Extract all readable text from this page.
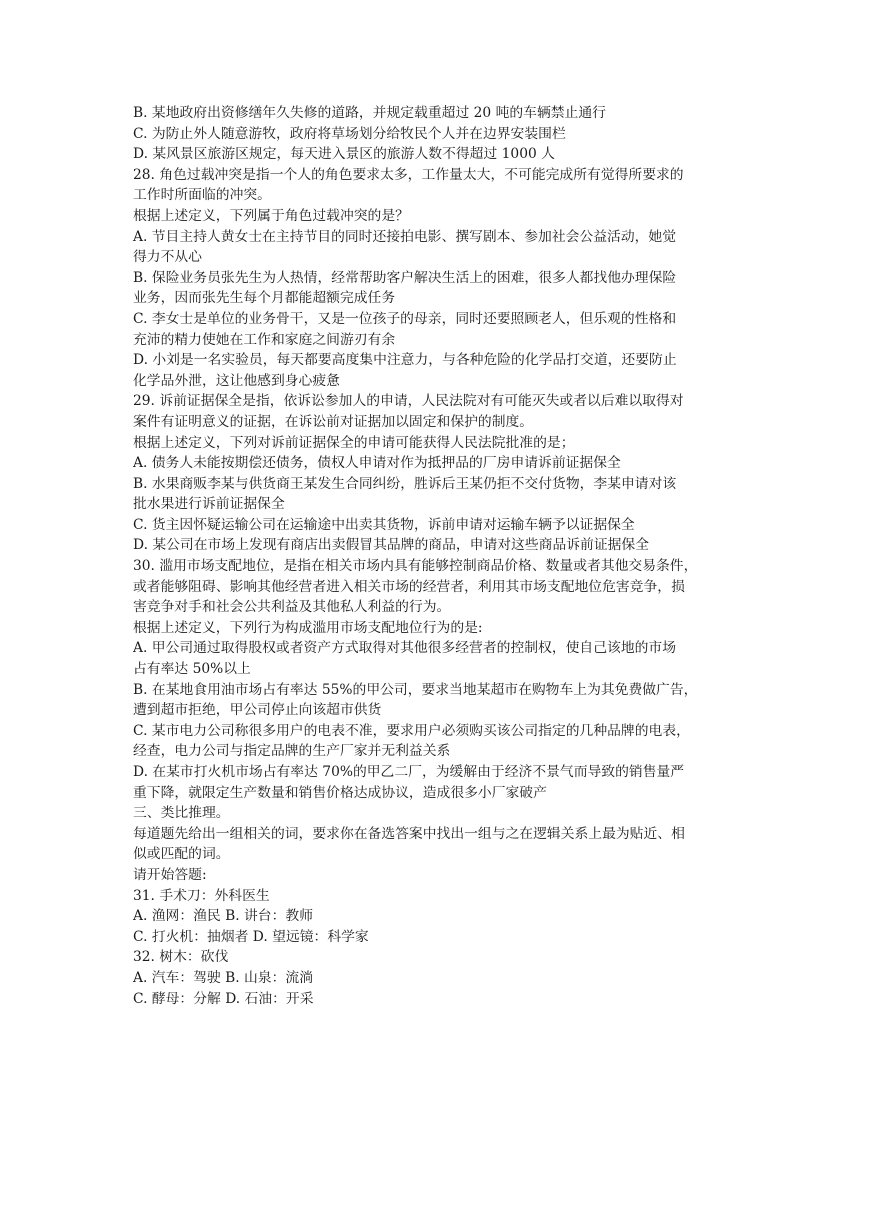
B. 某地政府出资修缮年久失修的道路，并规定载重超过 20 吨的车辆禁止通行
C. 为防止外人随意游牧，政府将草场划分给牧民个人并在边界安装围栏
D. 某风景区旅游区规定，每天进入景区的旅游人数不得超过 1000 人
28. 角色过载冲突是指一个人的角色要求太多，工作量太大，不可能完成所有觉得所要求的
工作时所面临的冲突。
根据上述定义，下列属于角色过载冲突的是？
A. 节目主持人黄女士在主持节目的同时还接拍电影、撰写剧本、参加社会公益活动，她觉
得力不从心
B. 保险业务员张先生为人热情，经常帮助客户解决生活上的困难，很多人都找他办理保险
业务，因而张先生每个月都能超额完成任务
C. 李女士是单位的业务骨干，又是一位孩子的母亲，同时还要照顾老人，但乐观的性格和
充沛的精力使她在工作和家庭之间游刃有余
D. 小刘是一名实验员，每天都要高度集中注意力，与各种危险的化学品打交道，还要防止
化学品外泄，这让他感到身心疲惫
29. 诉前证据保全是指，依诉讼参加人的申请，人民法院对有可能灭失或者以后难以取得对
案件有证明意义的证据，在诉讼前对证据加以固定和保护的制度。
根据上述定义，下列对诉前证据保全的申请可能获得人民法院批准的是；
A. 债务人未能按期偿还债务，债权人申请对作为抵押品的厂房申请诉前证据保全
B. 水果商贩李某与供货商王某发生合同纠纷，胜诉后王某仍拒不交付货物，李某申请对该
批水果进行诉前证据保全
C. 货主因怀疑运输公司在运输途中出卖其货物，诉前申请对运输车辆予以证据保全
D. 某公司在市场上发现有商店出卖假冒其品牌的商品，申请对这些商品诉前证据保全
30. 滥用市场支配地位，是指在相关市场内具有能够控制商品价格、数量或者其他交易条件，
或者能够阻碍、影响其他经营者进入相关市场的经营者，利用其市场支配地位危害竞争，损
害竞争对手和社会公共利益及其他私人利益的行为。
根据上述定义，下列行为构成滥用市场支配地位行为的是:
A. 甲公司通过取得股权或者资产方式取得对其他很多经营者的控制权，使自己该地的市场
占有率达 50%以上
B. 在某地食用油市场占有率达 55%的甲公司，要求当地某超市在购物车上为其免费做广告，
遭到超市拒绝，甲公司停止向该超市供货
C. 某市电力公司称很多用户的电表不准，要求用户必须购买该公司指定的几种品牌的电表，
经查，电力公司与指定品牌的生产厂家并无利益关系
D. 在某市打火机市场占有率达 70%的甲乙二厂，为缓解由于经济不景气而导致的销售量严
重下降，就限定生产数量和销售价格达成协议，造成很多小厂家破产
三、类比推理。
每道题先给出一组相关的词，要求你在备选答案中找出一组与之在逻辑关系上最为贴近、相
似或匹配的词。
请开始答题:
31. 手术刀：外科医生
A. 渔网：渔民 B. 讲台：教师
C. 打火机：抽烟者 D. 望远镜：科学家
32. 树木：砍伐
A. 汽车：驾驶 B. 山泉：流淌
C. 酵母：分解 D. 石油：开采
